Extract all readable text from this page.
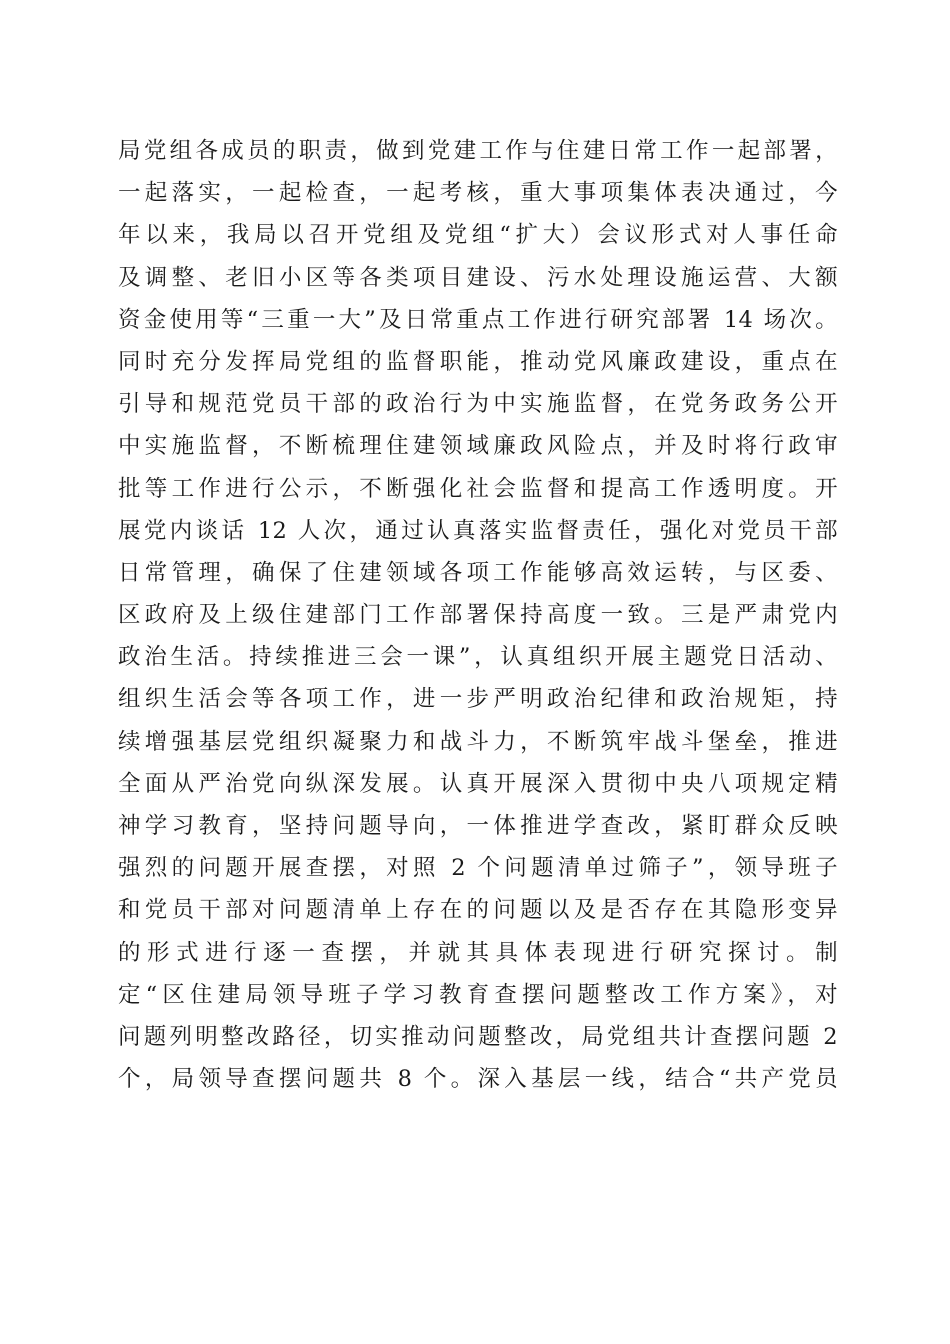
局党组各成员的职责，做到党建工作与住建日常工作一起部署，
一起落实，一起检查，一起考核，重大事项集体表决通过，今
年以来，我局以召开党组及党组“扩大）会议形式对人事任命
及调整、老旧小区等各类项目建设、污水处理设施运营、大额
资金使用等“三重一大”及日常重点工作进行研究部署 14 场次。
同时充分发挥局党组的监督职能，推动党风廉政建设，重点在
引导和规范党员干部的政治行为中实施监督，在党务政务公开
中实施监督，不断梳理住建领域廉政风险点，并及时将行政审
批等工作进行公示，不断强化社会监督和提高工作透明度。开
展党内谈话 12 人次，通过认真落实监督责任，强化对党员干部
日常管理，确保了住建领域各项工作能够高效运转，与区委、
区政府及上级住建部门工作部署保持高度一致。三是严肃党内
政治生活。持续推进三会一课”，认真组织开展主题党日活动、
组织生活会等各项工作，进一步严明政治纪律和政治规矩，持
续增强基层党组织凝聚力和战斗力，不断筑牢战斗堡垒，推进
全面从严治党向纵深发展。认真开展深入贯彻中央八项规定精
神学习教育，坚持问题导向，一体推进学查改，紧盯群众反映
强烈的问题开展查摆，对照 2 个问题清单过筛子”，领导班子
和党员干部对问题清单上存在的问题以及是否存在其隐形变异
的形式进行逐一查摆，并就其具体表现进行研究探讨。制
定“区住建局领导班子学习教育查摆问题整改工作方案》，对
问题列明整改路径，切实推动问题整改，局党组共计查摆问题 2
个，局领导查摆问题共 8 个。深入基层一线，结合“共产党员
